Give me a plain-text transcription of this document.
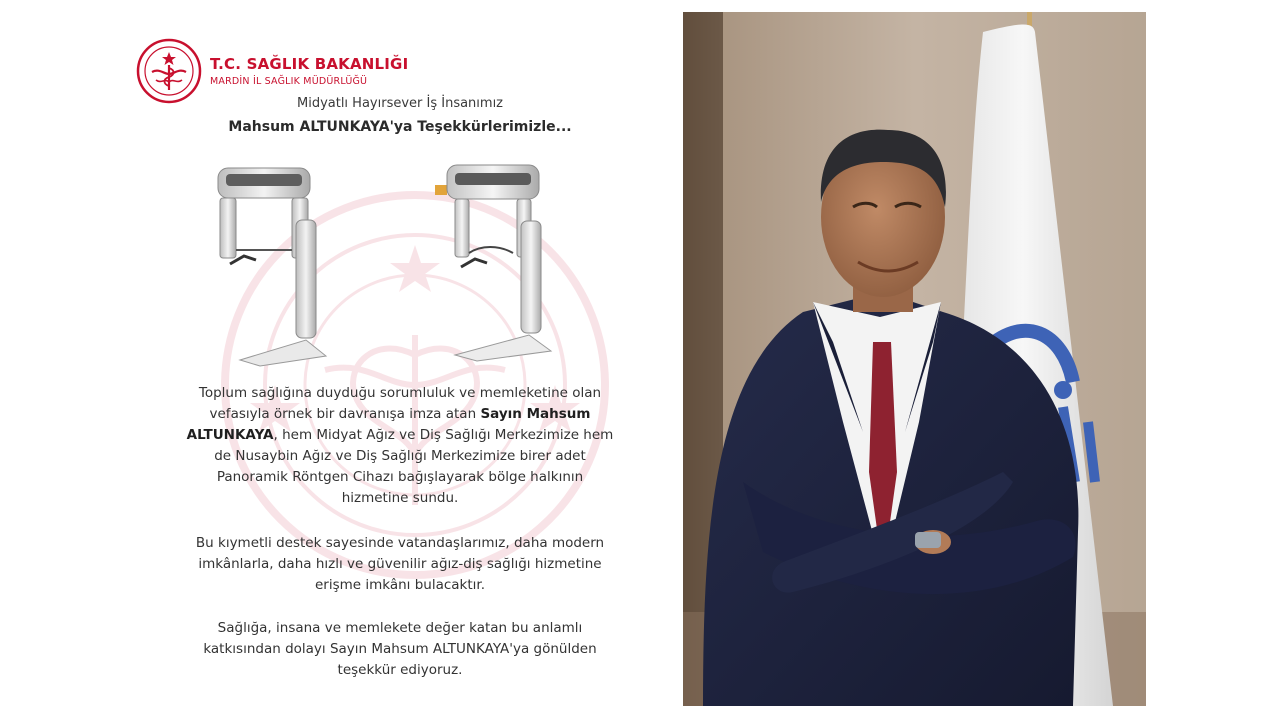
T.C. SAĞLIK BAKANLIĞI
MARDİN İL SAĞLIK MÜDÜRLÜĞÜ
Midyatlı Hayırsever İş İnsanımız
Mahsum ALTUNKAYA'ya Teşekkürlerimizle...
Toplum sağlığına duyduğu sorumluluk ve memleketine olan
vefasıyla örnek bir davranışa imza atan Sayın Mahsum
ALTUNKAYA, hem Midyat Ağız ve Diş Sağlığı Merkezimize hem
de Nusaybin Ağız ve Diş Sağlığı Merkezimize birer adet
Panoramik Röntgen Cihazı bağışlayarak bölge halkının
hizmetine sundu.
Bu kıymetli destek sayesinde vatandaşlarımız, daha modern
imkânlarla, daha hızlı ve güvenilir ağız-diş sağlığı hizmetine
erişme imkânı bulacaktır.
Sağlığa, insana ve memlekete değer katan bu anlamlı
katkısından dolayı Sayın Mahsum ALTUNKAYA'ya gönülden
teşekkür ediyoruz.
